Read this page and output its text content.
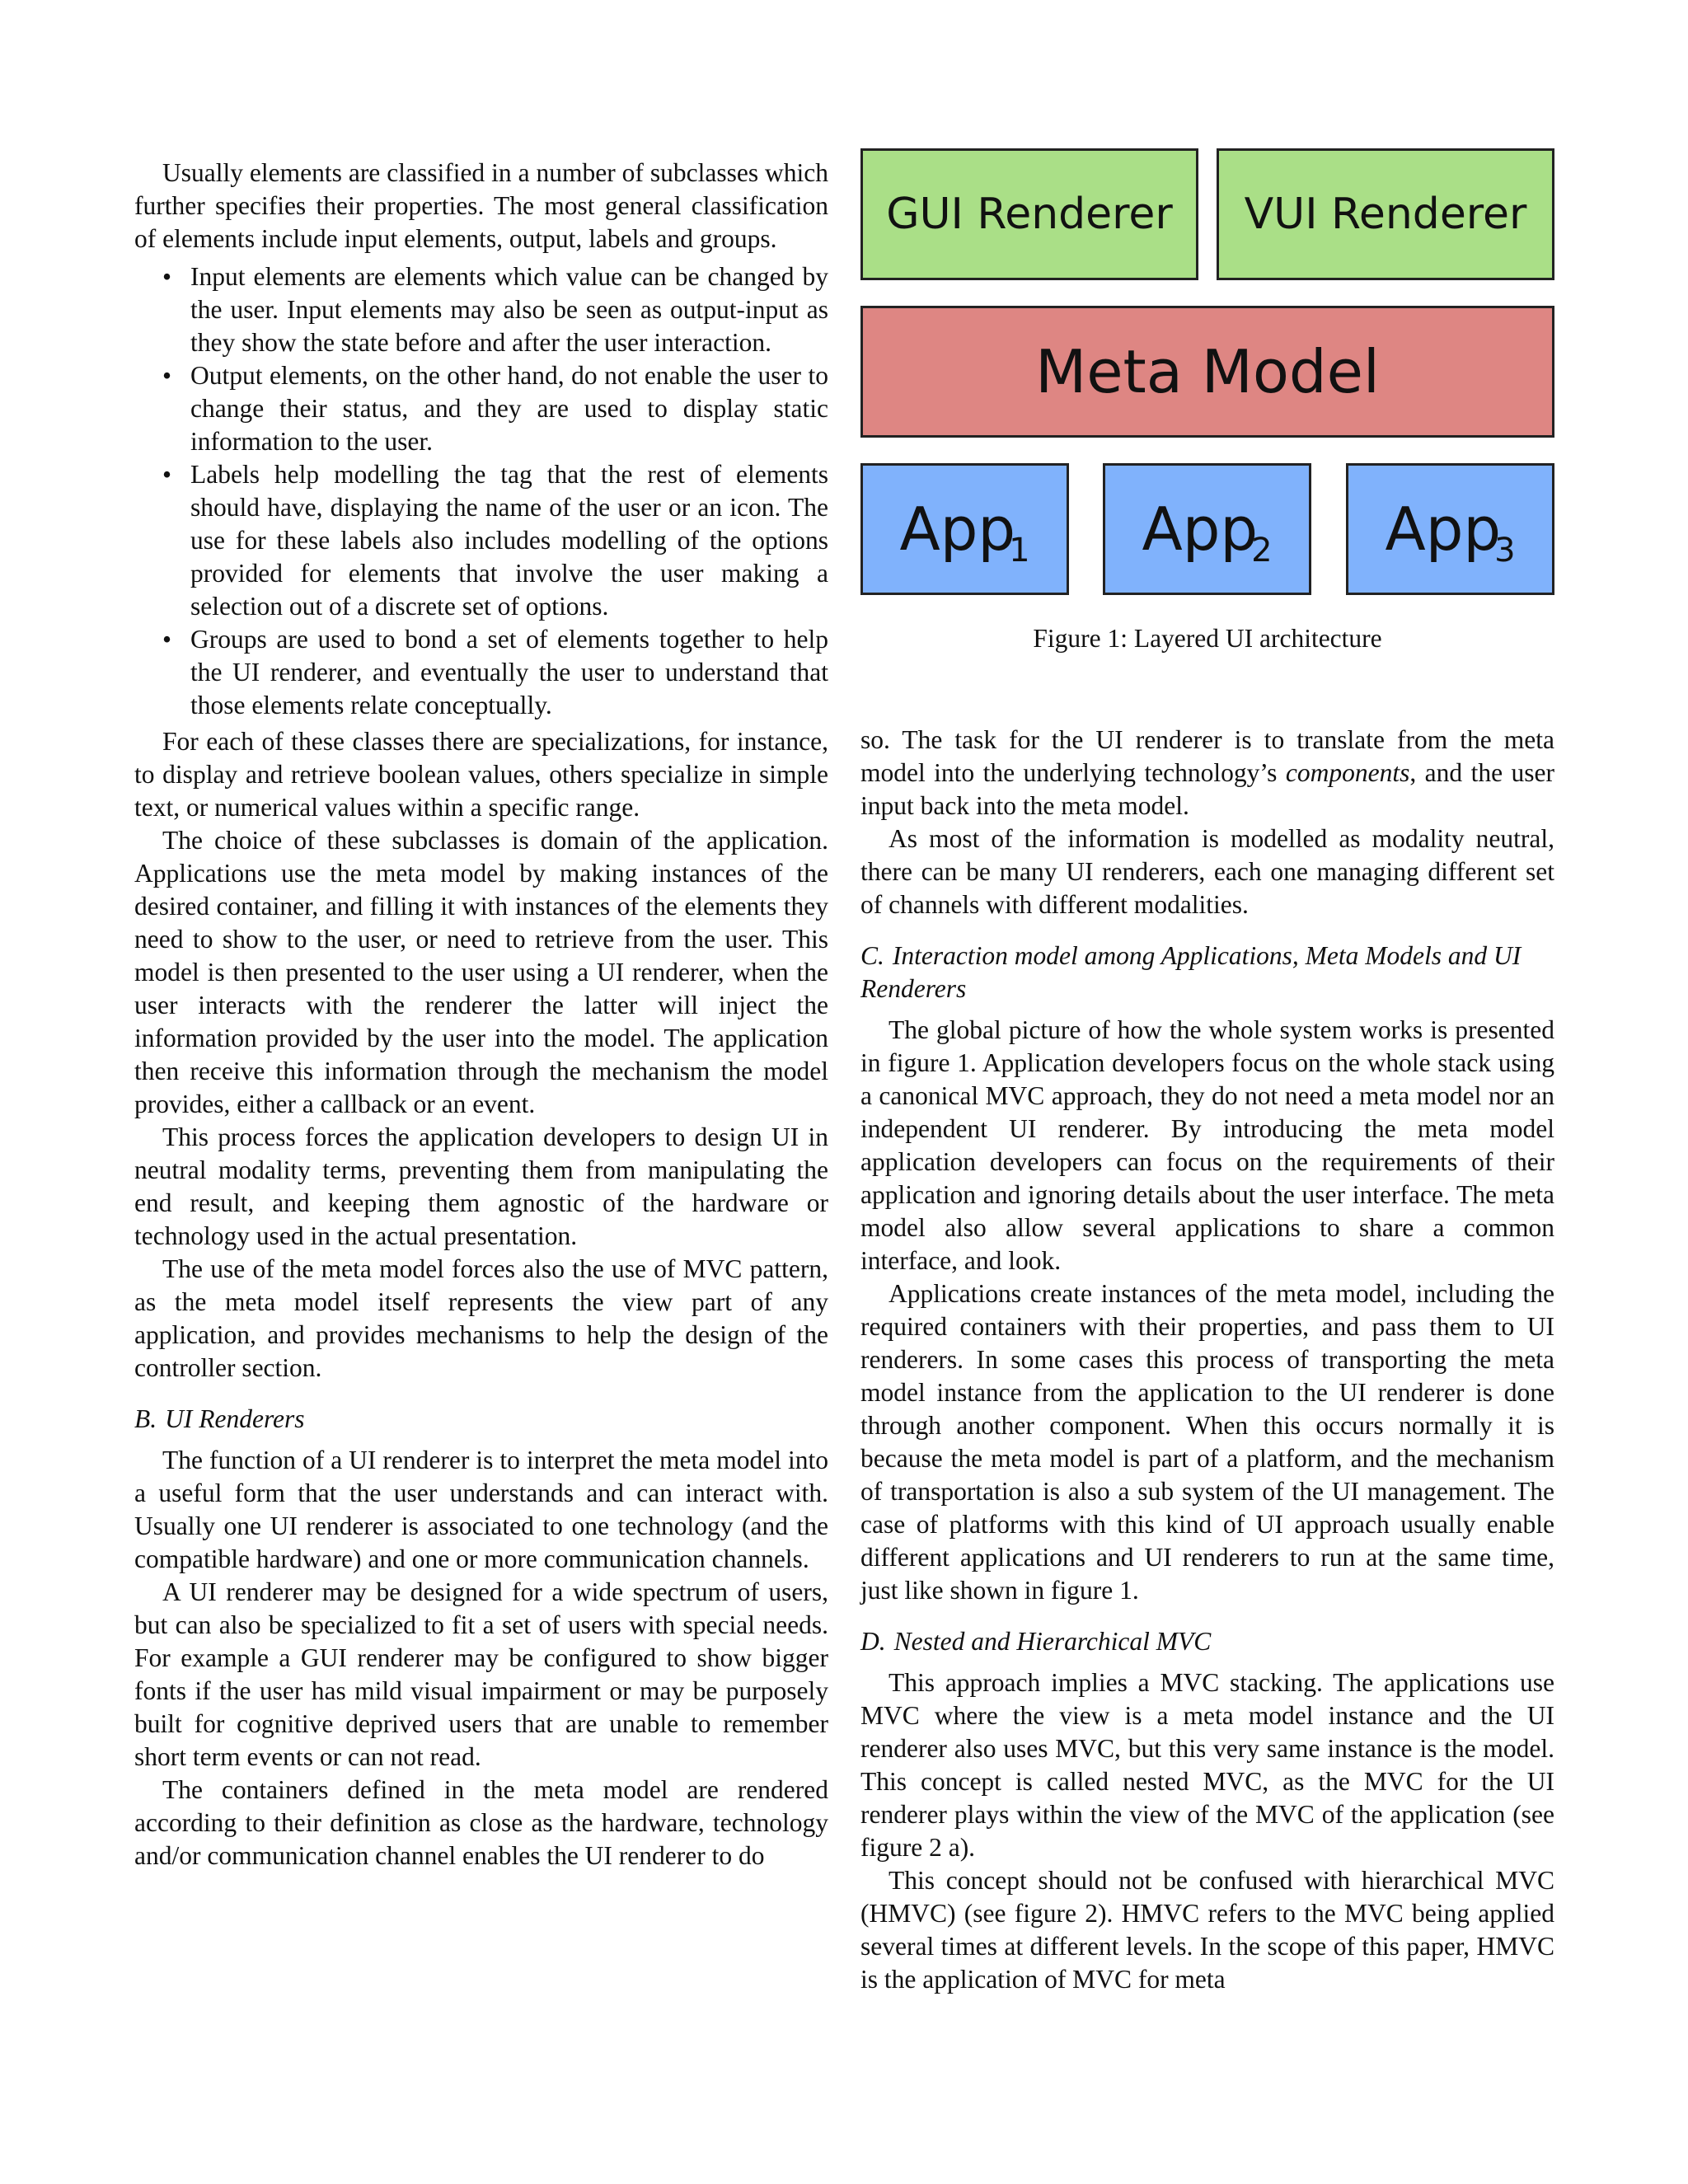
Usually elements are classified in a number of subclasses which further specifies their properties. The most general classification of elements include input elements, output, labels and groups.

• Input elements are elements which value can be changed by the user. Input elements may also be seen as output-input as they show the state before and after the user interaction.
• Output elements, on the other hand, do not enable the user to change their status, and they are used to display static information to the user.
• Labels help modelling the tag that the rest of elements should have, displaying the name of the user or an icon. The use for these labels also includes modelling of the options provided for elements that involve the user making a selection out of a discrete set of options.
• Groups are used to bond a set of elements together to help the UI renderer, and eventually the user to understand that those elements relate conceptually.

For each of these classes there are specializations, for instance, to display and retrieve boolean values, others specialize in simple text, or numerical values within a specific range.

The choice of these subclasses is domain of the application. Applications use the meta model by making instances of the desired container, and filling it with instances of the elements they need to show to the user, or need to retrieve from the user. This model is then presented to the user using a UI renderer, when the user interacts with the renderer the latter will inject the information provided by the user into the model. The application then receive this information through the mechanism the model provides, either a callback or an event.

This process forces the application developers to design UI in neutral modality terms, preventing them from manipulating the end result, and keeping them agnostic of the hardware or technology used in the actual presentation.

The use of the meta model forces also the use of MVC pattern, as the meta model itself represents the view part of any application, and provides mechanisms to help the design of the controller section.

B. UI Renderers

The function of a UI renderer is to interpret the meta model into a useful form that the user understands and can interact with. Usually one UI renderer is associated to one technology (and the compatible hardware) and one or more communication channels.

A UI renderer may be designed for a wide spectrum of users, but can also be specialized to fit a set of users with special needs. For example a GUI renderer may be configured to show bigger fonts if the user has mild visual impairment or may be purposely built for cognitive deprived users that are unable to remember short term events or can not read.

The containers defined in the meta model are rendered according to their definition as close as the hardware, technology and/or communication channel enables the UI renderer to do

GUI Renderer VUI Renderer
Meta Model
App
1 App
2 App
3
Figure 1: Layered UI architecture

so. The task for the UI renderer is to translate from the meta model into the underlying technology’s components, and the user input back into the meta model.

As most of the information is modelled as modality neutral, there can be many UI renderers, each one managing different set of channels with different modalities.

C. Interaction model among Applications, Meta Models and UI Renderers

The global picture of how the whole system works is presented in figure 1. Application developers focus on the whole stack using a canonical MVC approach, they do not need a meta model nor an independent UI renderer. By introducing the meta model application developers can focus on the requirements of their application and ignoring details about the user interface. The meta model also allow several applications to share a common interface, and look.

Applications create instances of the meta model, including the required containers with their properties, and pass them to UI renderers. In some cases this process of transporting the meta model instance from the application to the UI renderer is done through another component. When this occurs normally it is because the meta model is part of a platform, and the mechanism of transportation is also a sub system of the UI management. The case of platforms with this kind of UI approach usually enable different applications and UI renderers to run at the same time, just like shown in figure 1.

D. Nested and Hierarchical MVC

This approach implies a MVC stacking. The applications use MVC where the view is a meta model instance and the UI renderer also uses MVC, but this very same instance is the model. This concept is called nested MVC, as the MVC for the UI renderer plays within the view of the MVC of the application (see figure 2 a).

This concept should not be confused with hierarchical MVC (HMVC) (see figure 2). HMVC refers to the MVC being applied several times at different levels. In the scope of this paper, HMVC is the application of MVC for meta
